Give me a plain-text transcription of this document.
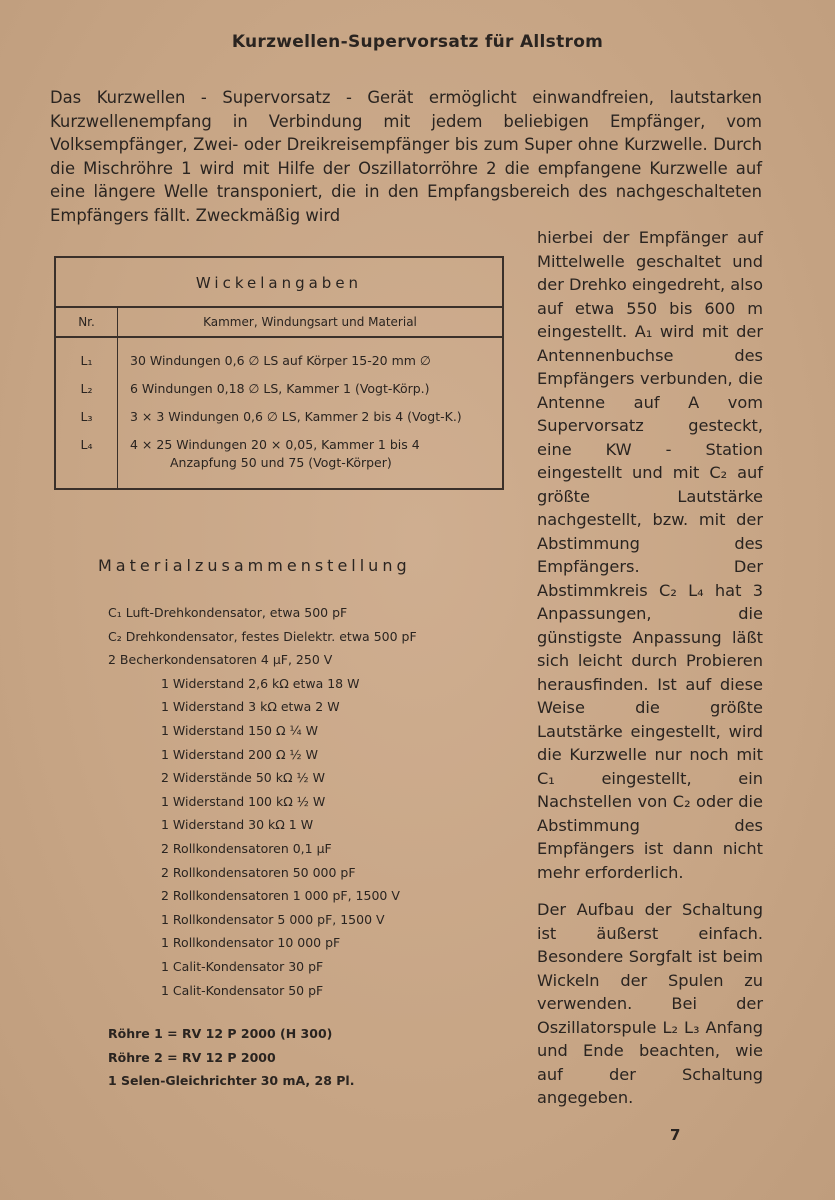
Kurzwellen-Supervorsatz für Allstrom

Das Kurzwellen - Supervorsatz - Gerät ermöglicht einwandfreien, lautstarken Kurzwellenempfang in Verbindung mit jedem beliebigen Empfänger, vom Volksempfänger, Zwei- oder Dreikreisempfänger bis zum Super ohne Kurzwelle. Durch die Mischröhre 1 wird mit Hilfe der Oszillatorröhre 2 die empfangene Kurzwelle auf eine längere Welle transponiert, die in den Empfangsbereich des nachgeschalteten Empfängers fällt. Zweckmäßig wird

hierbei der Empfänger auf Mittelwelle geschaltet und der Drehko eingedreht, also auf etwa 550 bis 600 m eingestellt. A₁ wird mit der Antennenbuchse des Empfängers verbunden, die Antenne auf A vom Supervorsatz gesteckt, eine KW - Station eingestellt und mit C₂ auf größte Lautstärke nachgestellt, bzw. mit der Abstimmung des Empfängers. Der Abstimmkreis C₂ L₄ hat 3 Anpassungen, die günstigste Anpassung läßt sich leicht durch Probieren herausfinden. Ist auf diese Weise die größte Lautstärke eingestellt, wird die Kurzwelle nur noch mit C₁ eingestellt, ein Nachstellen von C₂ oder die Abstimmung des Empfängers ist dann nicht mehr erforderlich.

Der Aufbau der Schaltung ist äußerst einfach. Besondere Sorgfalt ist beim Wickeln der Spulen zu verwenden. Bei der Oszillatorspule L₂ L₃ Anfang und Ende beachten, wie auf der Schaltung angegeben.

Wickelangaben
Nr.	Kammer, Windungsart und Material
L₁
L₂
L₃
L₄
30 Windungen 0,6 ∅ LS auf Körper 15-20 mm ∅
6 Windungen 0,18 ∅ LS, Kammer 1 (Vogt-Körp.)
3 × 3 Windungen 0,6 ∅ LS, Kammer 2 bis 4 (Vogt-K.)
4 × 25 Windungen 20 × 0,05, Kammer 1 bis 4
Anzapfung 50 und 75 (Vogt-Körper)
Materialzusammenstellung
C₁ Luft-Drehkondensator, etwa 500 pF
C₂ Drehkondensator, festes Dielektr. etwa 500 pF
2 Becherkondensatoren 4 μF, 250 V
1 Widerstand 2,6 kΩ etwa 18 W
1 Widerstand 3 kΩ etwa 2 W
1 Widerstand 150 Ω ¼ W
1 Widerstand 200 Ω ½ W
2 Widerstände 50 kΩ ½ W
1 Widerstand 100 kΩ ½ W
1 Widerstand 30 kΩ 1 W
2 Rollkondensatoren 0,1 μF
2 Rollkondensatoren 50 000 pF
2 Rollkondensatoren 1 000 pF, 1500 V
1 Rollkondensator 5 000 pF, 1500 V
1 Rollkondensator 10 000 pF
1 Calit-Kondensator 30 pF
1 Calit-Kondensator 50 pF
Röhre 1 = RV 12 P 2000 (H 300)
Röhre 2 = RV 12 P 2000
1 Selen-Gleichrichter 30 mA, 28 Pl.
7
